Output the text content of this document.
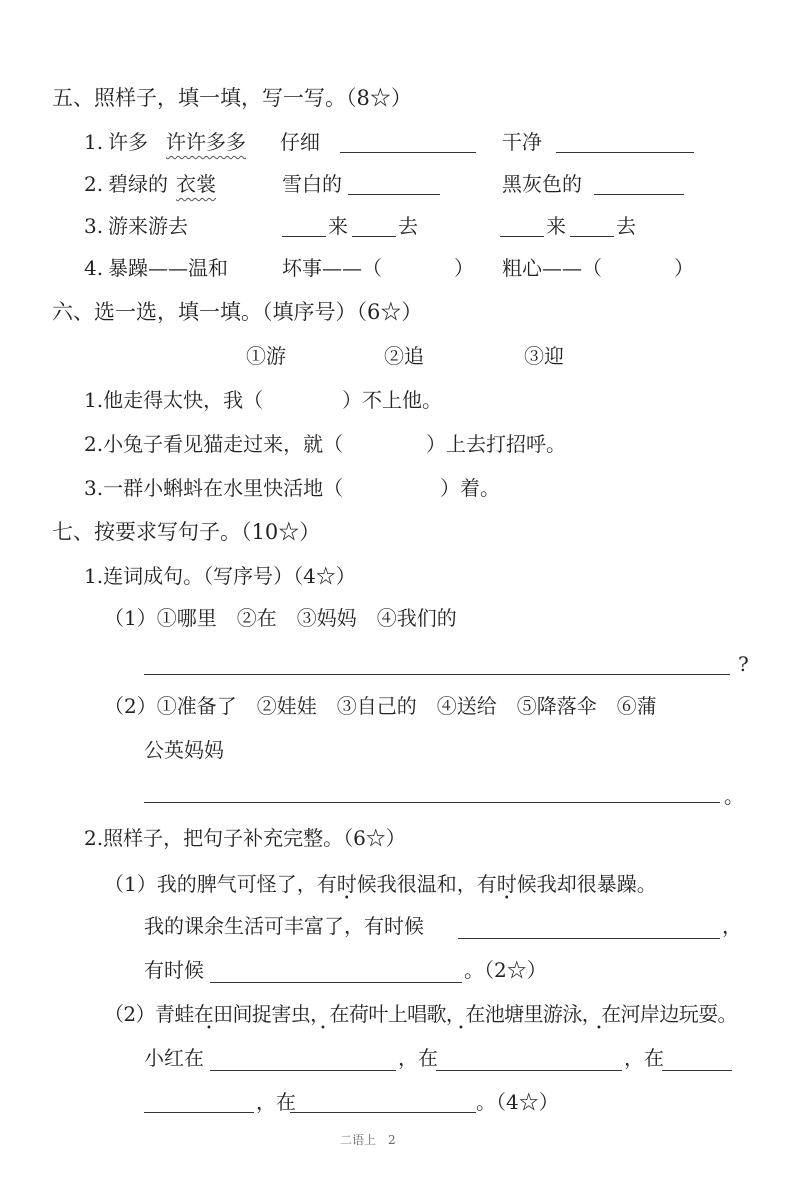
五、照样子，填一填，写一写。（8☆）
1. 许多 许许多多 仔细	干净
2. 碧绿的 衣裳	雪白的	黑灰色的
3. 游来游去	来	去	来	去
4. 暴躁——温和	坏事——（	） 粗心——（	）
六、选一选，填一填。（填序号）（6☆）
①游	②追	③迎
1.他走得太快，我（	）不上他。
2.小兔子看见猫走过来，就（	）上去打招呼。
3.一群小蝌蚪在水里快活地（	）着。
七、按要求写句子。（10☆）
1.连词成句。（写序号）（4☆）
（1）①哪里　②在　③妈妈　④我们的
?
（2）①准备了　②娃娃　③自己的　④送给　⑤降落伞　⑥蒲
公英妈妈
。
2.照样子，把句子补充完整。（6☆）
（1）我的脾气可怪了，有时候我很温和，有时候我却很暴躁。
我的课余生活可丰富了，有时候	，
有时候	。（2☆）
（2）青蛙在田间捉害虫，在荷叶上唱歌，在池塘里游泳，在河岸边玩耍。
•	•	•	•
小红在	，在	，在
，在	。（4☆）
二语上　2
